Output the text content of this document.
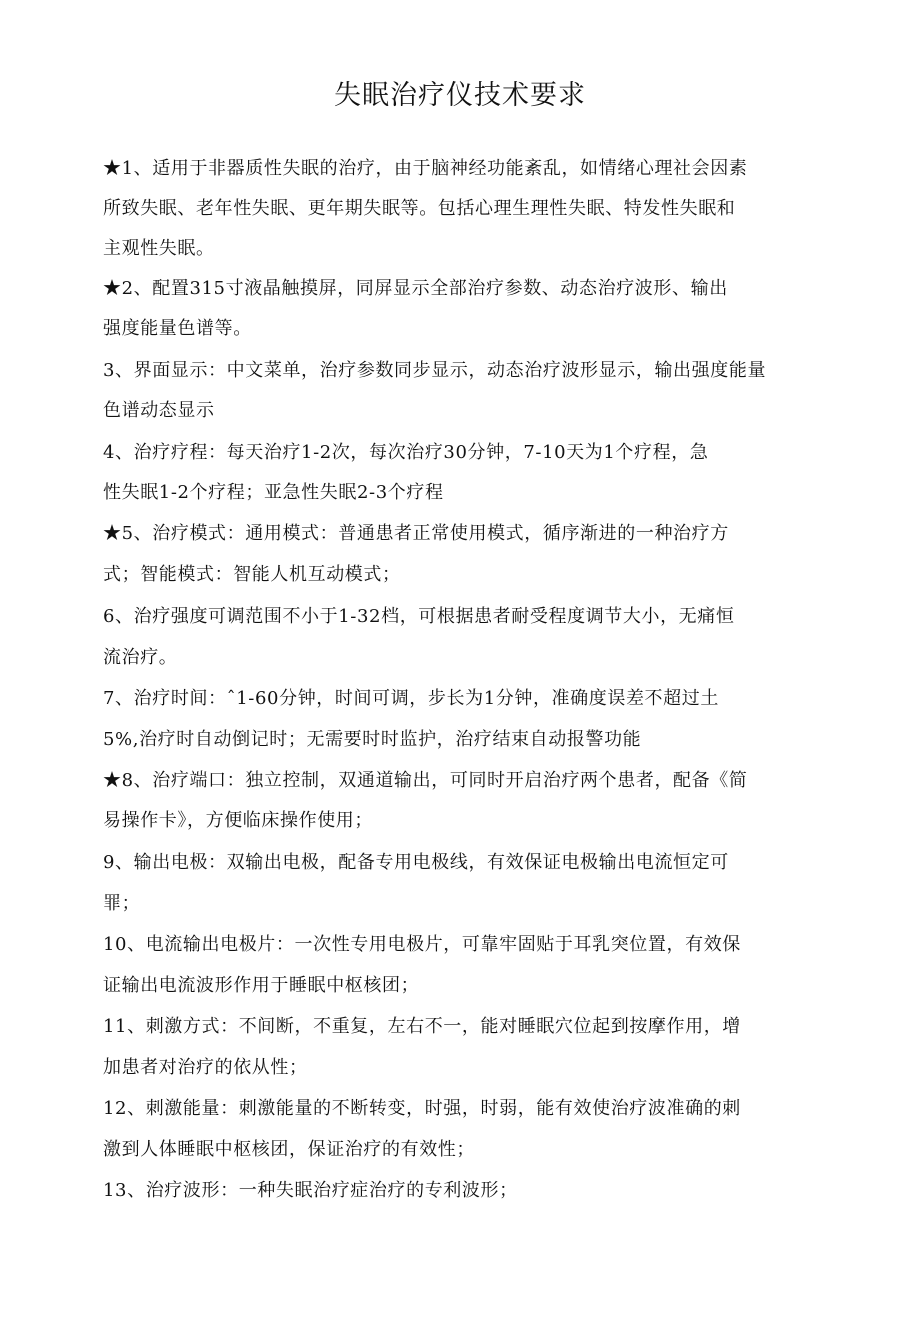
失眠治疗仪技术要求
★1、适用于非器质性失眠的治疗，由于脑神经功能紊乱，如情绪心理社会因素
所致失眠、老年性失眠、更年期失眠等。包括心理生理性失眠、特发性失眠和
主观性失眠。
★2、配置315寸液晶触摸屏，同屏显示全部治疗参数、动态治疗波形、输出
强度能量色谱等。
3、界面显示：中文菜单，治疗参数同步显示，动态治疗波形显示，输出强度能量
色谱动态显示
4、治疗疗程：每天治疗1-2次，每次治疗30分钟，7-10天为1个疗程，急
性失眠1-2个疗程；亚急性失眠2-3个疗程
★5、治疗模式：通用模式：普通患者正常使用模式，循序渐进的一种治疗方
式；智能模式：智能人机互动模式；
6、治疗强度可调范围不小于1-32档，可根据患者耐受程度调节大小，无痛恒
流治疗。
7、治疗时间：ˆ1-60分钟，时间可调，步长为1分钟，准确度误差不超过土
5%,治疗时自动倒记时；无需要时时监护，治疗结束自动报警功能
★8、治疗端口：独立控制，双通道输出，可同时开启治疗两个患者，配备《简
易操作卡》，方便临床操作使用；
9、输出电极：双输出电极，配备专用电极线，有效保证电极输出电流恒定可
罪；
10、电流输出电极片：一次性专用电极片，可靠牢固贴于耳乳突位置，有效保
证输出电流波形作用于睡眠中枢核团；
11、刺激方式：不间断，不重复，左右不一，能对睡眠穴位起到按摩作用，增
加患者对治疗的依从性；
12、刺激能量：刺激能量的不断转变，时强，时弱，能有效使治疗波准确的刺
激到人体睡眠中枢核团，保证治疗的有效性；
13、治疗波形：一种失眠治疗症治疗的专利波形；
